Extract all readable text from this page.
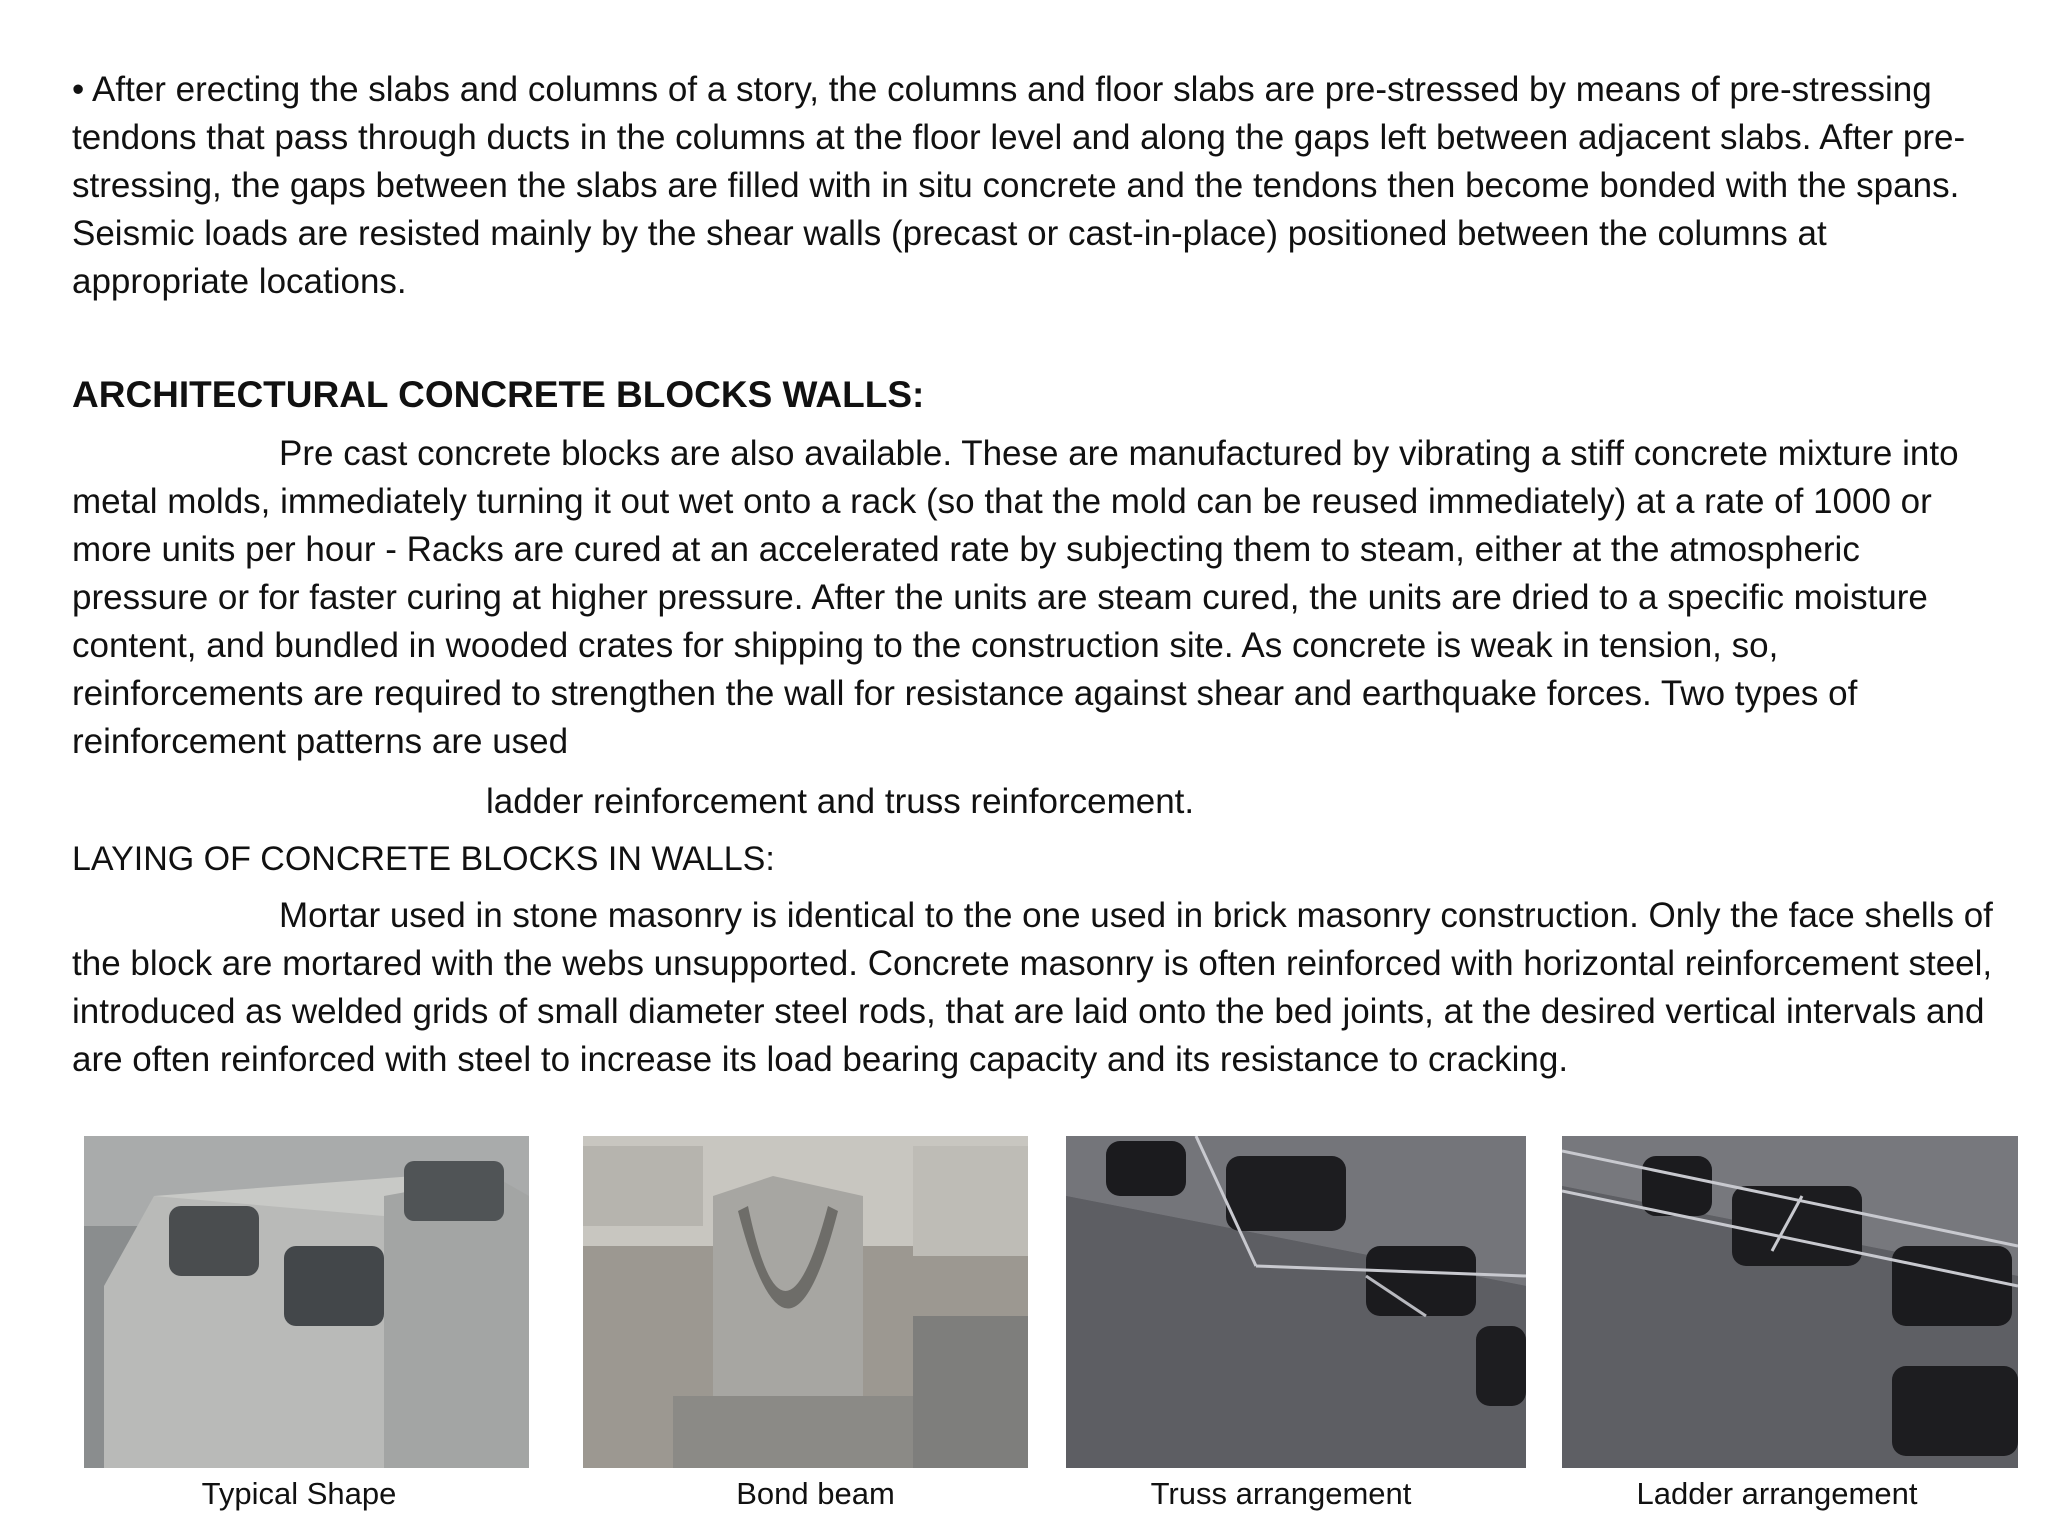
• After erecting the slabs and columns of a story, the columns and floor slabs are pre-stressed by means of pre-stressing tendons that pass through ducts in the columns at the floor level and along the gaps left between adjacent slabs. After pre-stressing, the gaps between the slabs are filled with in situ concrete and the tendons then become bonded with the spans. Seismic loads are resisted mainly by the shear walls (precast or cast-in-place) positioned between the columns at appropriate locations.

ARCHITECTURAL CONCRETE BLOCKS WALLS:

Pre cast concrete blocks are also available. These are manufactured by vibrating a stiff concrete mixture into metal molds, immediately turning it out wet onto a rack (so that the mold can be reused immediately) at a rate of 1000 or more units per hour - Racks are cured at an accelerated rate by subjecting them to steam, either at the atmospheric pressure or for faster curing at higher pressure. After the units are steam cured, the units are dried to a specific moisture content, and bundled in wooded crates for shipping to the construction site. As concrete is weak in tension, so, reinforcements are required to strengthen the wall for resistance against shear and earthquake forces. Two types of reinforcement patterns are used

ladder reinforcement and truss reinforcement.

LAYING OF CONCRETE BLOCKS IN WALLS:

Mortar used in stone masonry is identical to the one used in brick masonry construction. Only the face shells of the block are mortared with the webs unsupported. Concrete masonry is often reinforced with horizontal reinforcement steel, introduced as welded grids of small diameter steel rods, that are laid onto the bed joints, at the desired vertical intervals and are often reinforced with steel to increase its load bearing capacity and its resistance to cracking.

Typical Shape	Bond beam	Truss arrangement	Ladder arrangement
